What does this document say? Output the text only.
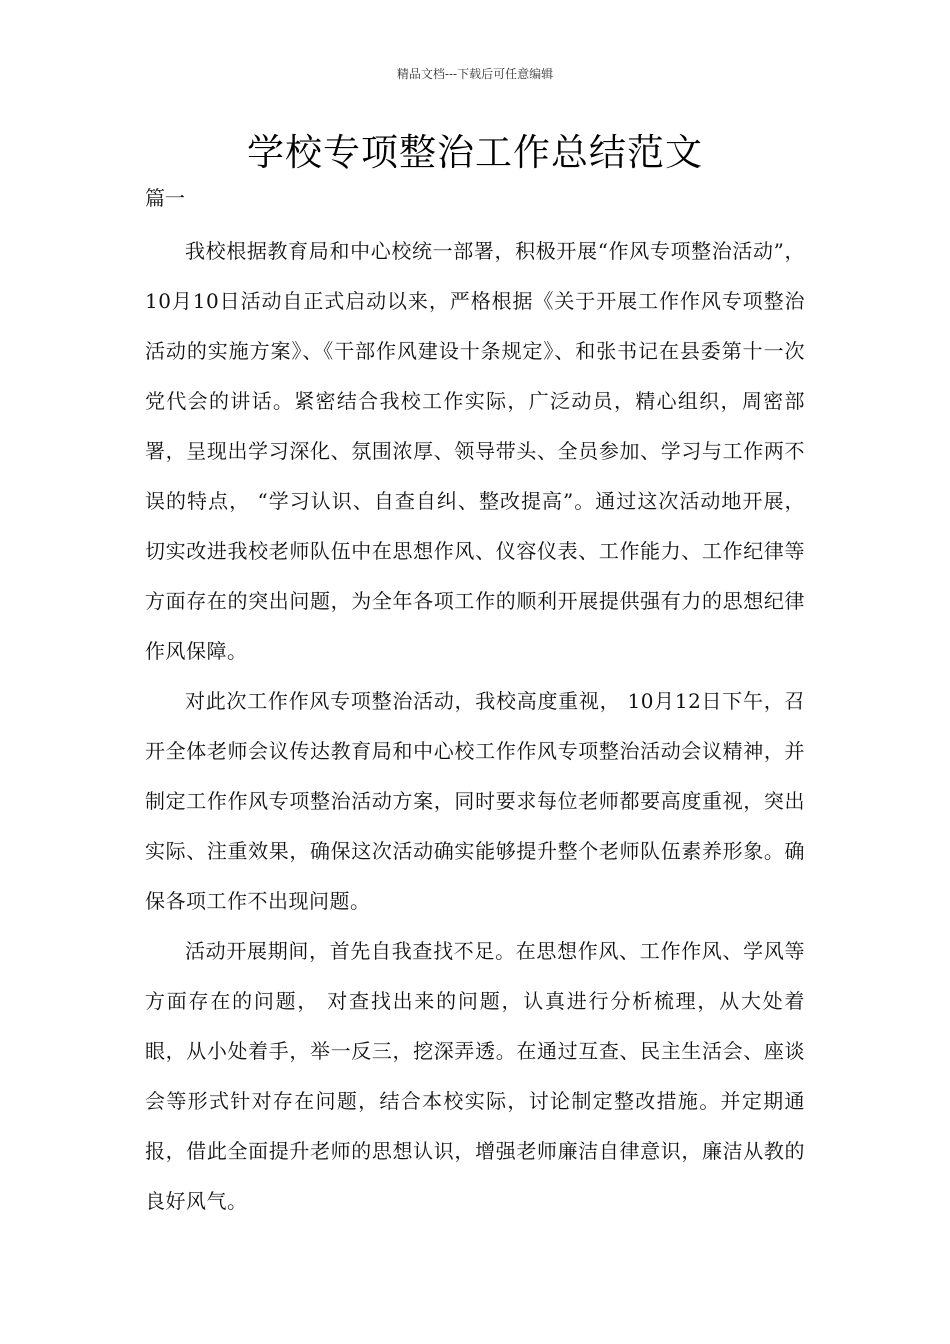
精品文档---下载后可任意编辑
学校专项整治工作总结范文
篇一

我校根据教育局和中心校统一部署，积极开展“作风专项整治活动”，10月10日活动自正式启动以来，严格根据《关于开展工作作风专项整治活动的实施方案》、《干部作风建设十条规定》、和张书记在县委第十一次党代会的讲话。紧密结合我校工作实际，广泛动员，精心组织，周密部署，呈现出学习深化、氛围浓厚、领导带头、全员参加、学习与工作两不误的特点， “学习认识、自查自纠、整改提高”。通过这次活动地开展，切实改进我校老师队伍中在思想作风、仪容仪表、工作能力、工作纪律等方面存在的突出问题，为全年各项工作的顺利开展提供强有力的思想纪律作风保障。

对此次工作作风专项整治活动，我校高度重视， 10月12日下午，召开全体老师会议传达教育局和中心校工作作风专项整治活动会议精神，并制定工作作风专项整治活动方案，同时要求每位老师都要高度重视，突出实际、注重效果，确保这次活动确实能够提升整个老师队伍素养形象。确保各项工作不出现问题。

活动开展期间，首先自我查找不足。在思想作风、工作作风、学风等方面存在的问题， 对查找出来的问题，认真进行分析梳理，从大处着眼，从小处着手，举一反三，挖深弄透。在通过互查、民主生活会、座谈会等形式针对存在问题，结合本校实际，讨论制定整改措施。并定期通报，借此全面提升老师的思想认识，增强老师廉洁自律意识，廉洁从教的良好风气。
